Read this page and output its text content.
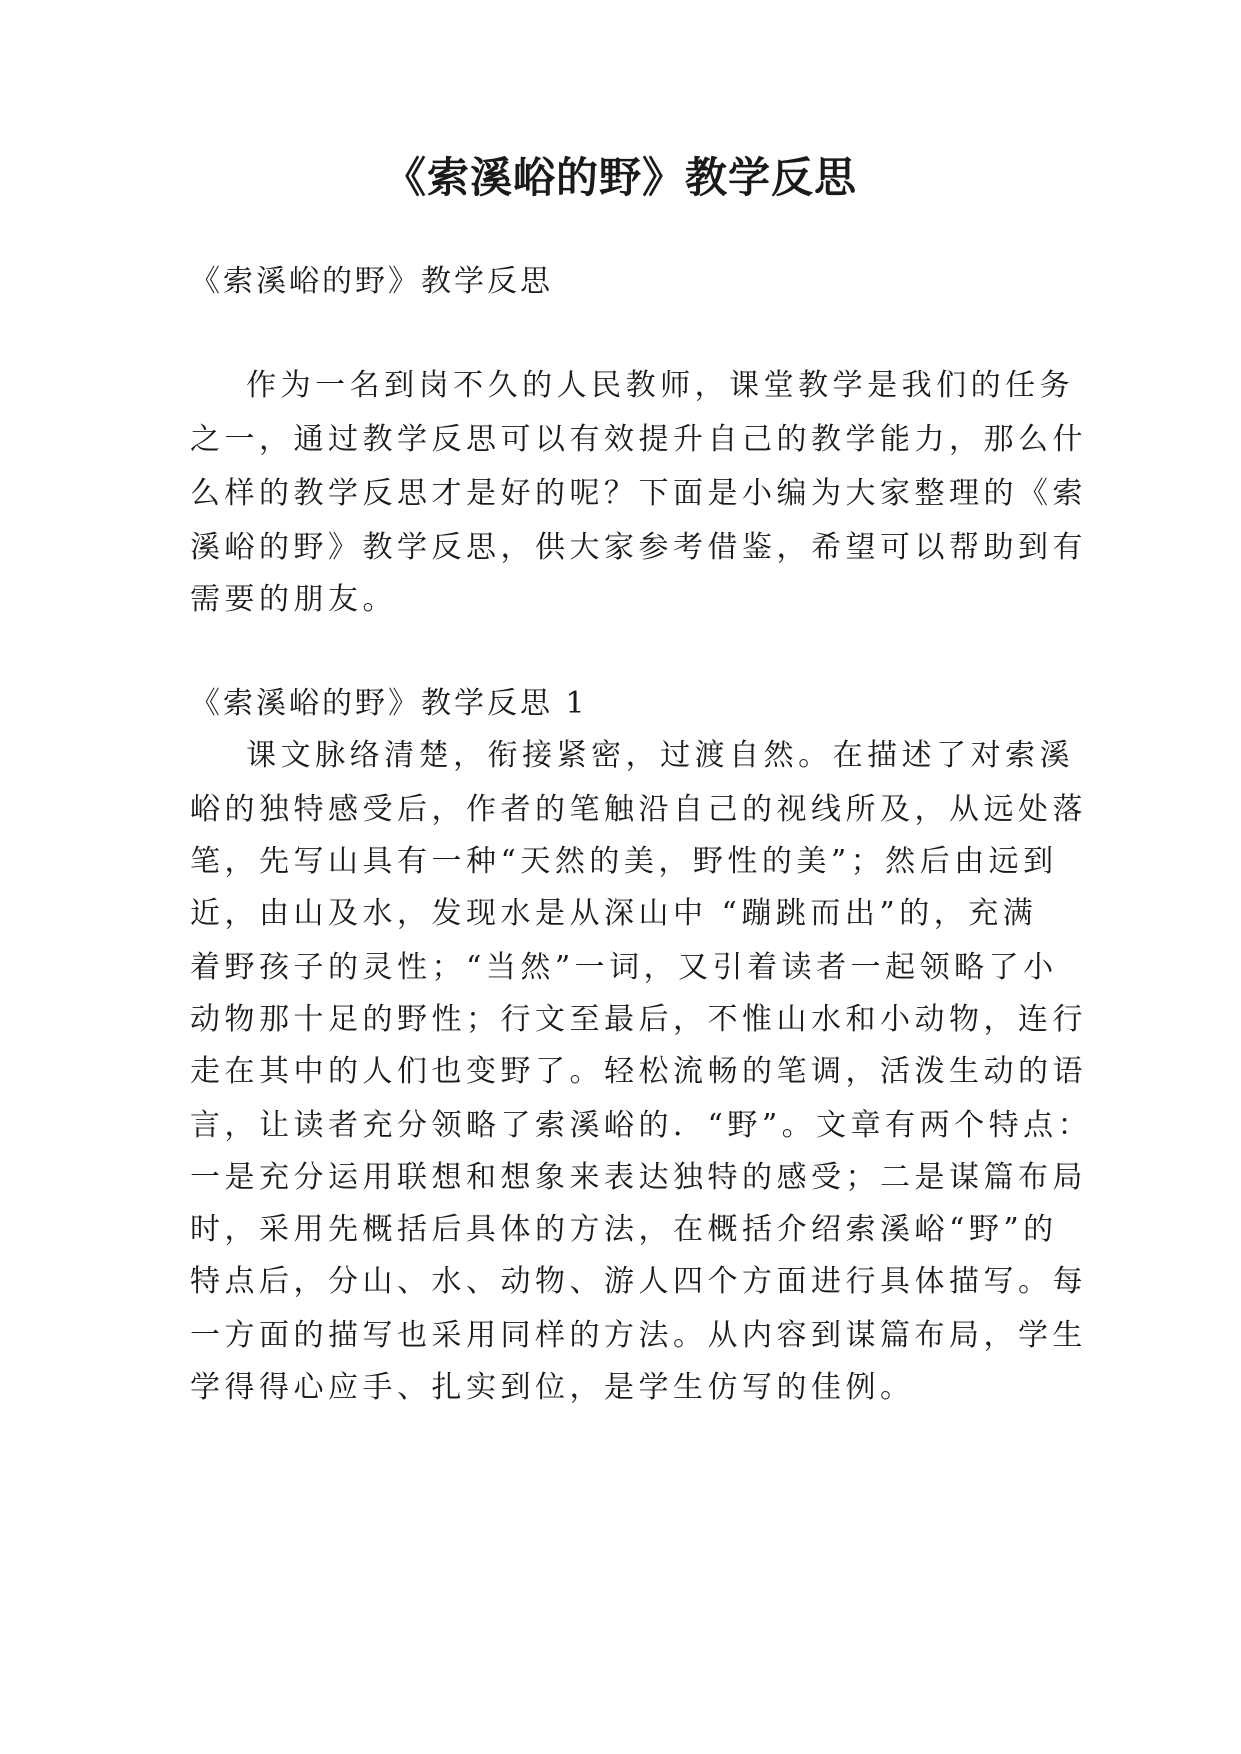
《索溪峪的野》教学反思

《索溪峪的野》教学反思

作为一名到岗不久的人民教师，课堂教学是我们的任务

之一，通过教学反思可以有效提升自己的教学能力，那么什

么样的教学反思才是好的呢？下面是小编为大家整理的《索

溪峪的野》教学反思，供大家参考借鉴，希望可以帮助到有

需要的朋友。

《索溪峪的野》教学反思 1

课文脉络清楚，衔接紧密，过渡自然。在描述了对索溪

峪的独特感受后，作者的笔触沿自己的视线所及，从远处落

笔，先写山具有一种“天然的美，野性的美”；然后由远到

近，由山及水，发现水是从深山中 “蹦跳而出”的，充满

着野孩子的灵性；“当然”一词，又引着读者一起领略了小

动物那十足的野性；行文至最后，不惟山水和小动物，连行

走在其中的人们也变野了。轻松流畅的笔调，活泼生动的语

言，让读者充分领略了索溪峪的．“野”。文章有两个特点：

一是充分运用联想和想象来表达独特的感受；二是谋篇布局

时，采用先概括后具体的方法，在概括介绍索溪峪“野”的

特点后，分山、水、动物、游人四个方面进行具体描写。每

一方面的描写也采用同样的方法。从内容到谋篇布局，学生

学得得心应手、扎实到位，是学生仿写的佳例。
